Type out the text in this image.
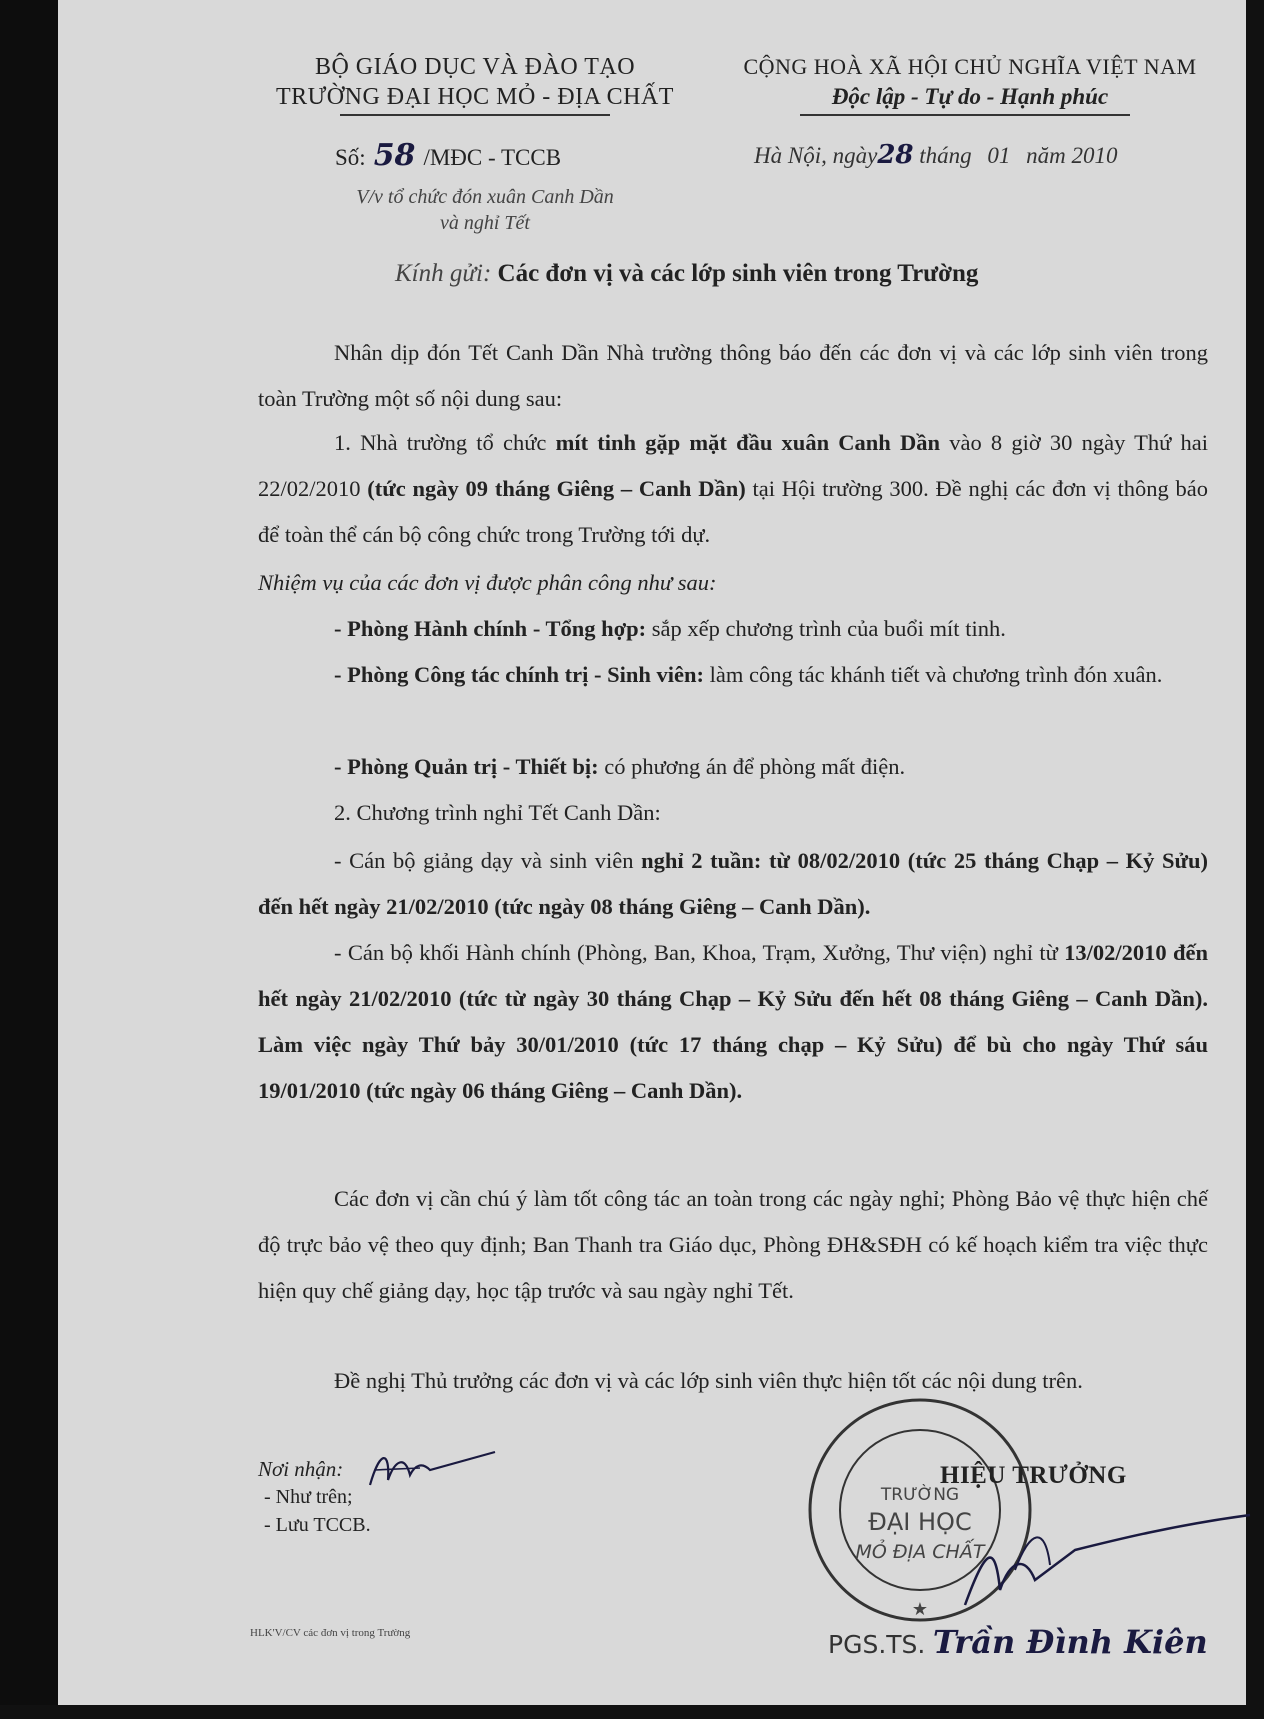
BỘ GIÁO DỤC VÀ ĐÀO TẠO
TRƯỜNG ĐẠI HỌC MỎ - ĐỊA CHẤT
CỘNG HOÀ XÃ HỘI CHỦ NGHĨA VIỆT NAM
Độc lập - Tự do - Hạnh phúc
Số: 58 /MĐC - TCCB	Hà Nội, ngày28 tháng 01 năm 2010
V/v tổ chức đón xuân Canh Dần
và nghỉ Tết
Kính gửi: Các đơn vị và các lớp sinh viên trong Trường

Nhân dịp đón Tết Canh Dần Nhà trường thông báo đến các đơn vị và các lớp sinh viên trong toàn Trường một số nội dung sau:

1. Nhà trường tổ chức mít tinh gặp mặt đầu xuân Canh Dần vào 8 giờ 30 ngày Thứ hai 22/02/2010 (tức ngày 09 tháng Giêng – Canh Dần) tại Hội trường 300. Đề nghị các đơn vị thông báo để toàn thể cán bộ công chức trong Trường tới dự.

Nhiệm vụ của các đơn vị được phân công như sau:

- Phòng Hành chính - Tổng hợp: sắp xếp chương trình của buổi mít tinh.

- Phòng Công tác chính trị - Sinh viên: làm công tác khánh tiết và chương trình đón xuân.

- Phòng Quản trị - Thiết bị: có phương án để phòng mất điện.

2. Chương trình nghỉ Tết Canh Dần:

- Cán bộ giảng dạy và sinh viên nghỉ 2 tuần: từ 08/02/2010 (tức 25 tháng Chạp – Kỷ Sửu) đến hết ngày 21/02/2010 (tức ngày 08 tháng Giêng – Canh Dần).

- Cán bộ khối Hành chính (Phòng, Ban, Khoa, Trạm, Xưởng, Thư viện) nghỉ từ 13/02/2010 đến hết ngày 21/02/2010 (tức từ ngày 30 tháng Chạp – Kỷ Sửu đến hết 08 tháng Giêng – Canh Dần). Làm việc ngày Thứ bảy 30/01/2010 (tức 17 tháng chạp – Kỷ Sửu) để bù cho ngày Thứ sáu 19/01/2010 (tức ngày 06 tháng Giêng – Canh Dần).

Các đơn vị cần chú ý làm tốt công tác an toàn trong các ngày nghỉ; Phòng Bảo vệ thực hiện chế độ trực bảo vệ theo quy định; Ban Thanh tra Giáo dục, Phòng ĐH&SĐH có kế hoạch kiểm tra việc thực hiện quy chế giảng dạy, học tập trước và sau ngày nghỉ Tết.

Đề nghị Thủ trưởng các đơn vị và các lớp sinh viên thực hiện tốt các nội dung trên.

Nơi nhận:
- Như trên;
- Lưu TCCB.
HLK'V/CV các đơn vị trong Trường
TRƯỜNG
ĐẠI HỌC
MỎ ĐỊA CHẤT
★
HIỆU TRƯỞNG
PGS.TS. Trần Đình Kiên
